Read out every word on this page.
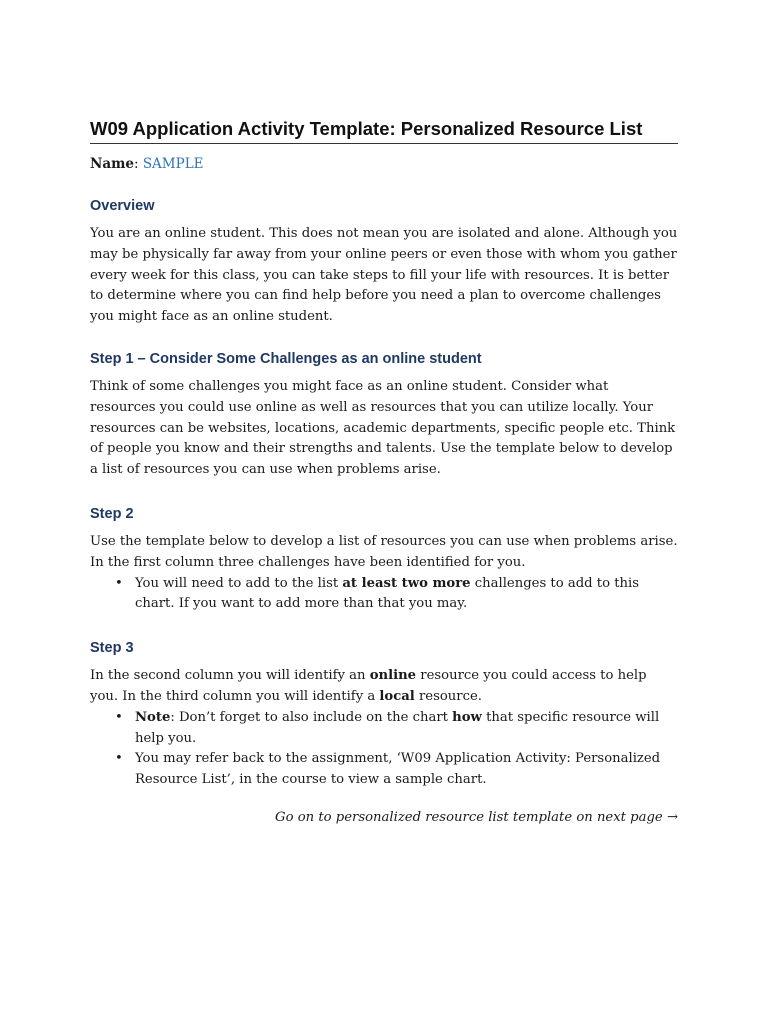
W09 Application Activity Template: Personalized Resource List
Name: SAMPLE
Overview

You are an online student. This does not mean you are isolated and alone. Although you may be physically far away from your online peers or even those with whom you gather every week for this class, you can take steps to fill your life with resources. It is better to determine where you can find help before you need a plan to overcome challenges you might face as an online student.

Step 1 – Consider Some Challenges as an online student

Think of some challenges you might face as an online student. Consider what resources you could use online as well as resources that you can utilize locally. Your resources can be websites, locations, academic departments, specific people etc. Think of people you know and their strengths and talents. Use the template below to develop a list of resources you can use when problems arise.

Step 2

Use the template below to develop a list of resources you can use when problems arise. In the first column three challenges have been identified for you.

• You will need to add to the list at least two more challenges to add to this chart. If you want to add more than that you may.
Step 3

In the second column you will identify an online resource you could access to help you. In the third column you will identify a local resource.

• Note: Don’t forget to also include on the chart how that specific resource will help you.
• You may refer back to the assignment, ‘W09 Application Activity: Personalized Resource List’, in the course to view a sample chart.
Go on to personalized resource list template on next page →
